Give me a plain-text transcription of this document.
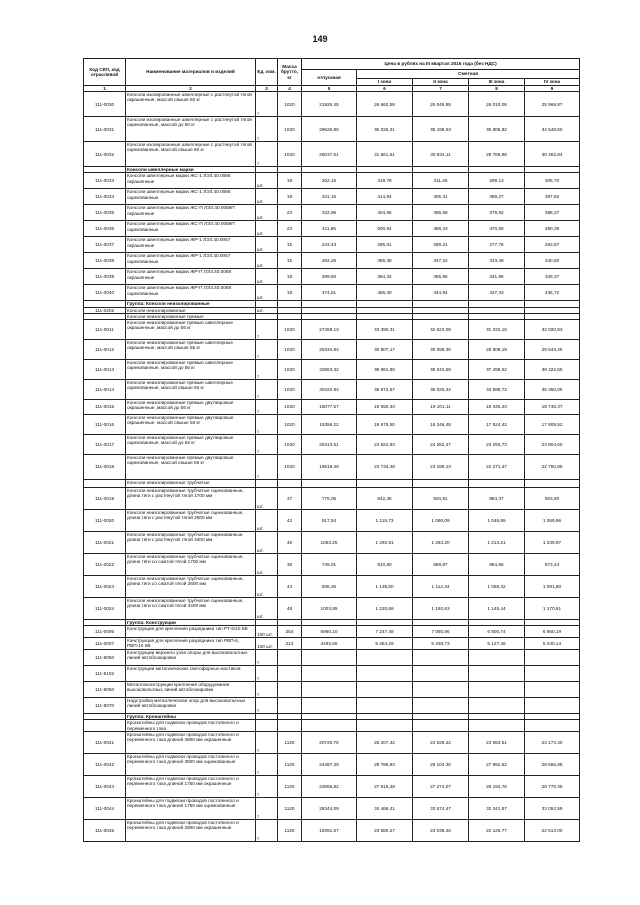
149
Код СКП, код отраслевой	Наименование материалов и изделий	Ед. изм.	Масса брутто, кг	Цена в рублях на III квартал 2016 года (без НДС)				
				отпускная	Сметная			
					I зона	II зона	III зона	IV зона
1	2	3	4	5	6	7	8	9
111-0030	Консоли изолированные швеллерные с растянутой тягой окрашенные, массой свыше 60 кг	т	1020	21926.45	26 662,58	26 049,95	26 010,08	25 969,87
111-0031	Консоли изолированные швеллерные с растянутой тягой оцинкованные, массой до 60 кг	т	1020	29626,90	36 026,31	35 198,53	35 805,82	34 548,50
111-0032	Консоли изолированные швеллерные с растянутой тягой оцинкованные, массой свыше 60 кг	т	1020	26037.51	31 661,61	30 934,11	29 768,98	30 362,84
	Консоли швеллерные марки							
111-0033	Консоли швеллерные марки ЖС-1 ЛЭ3.40.0066 окрашенные	шт.	19	262.15	318.78	311,46	299,13	305,70
111-0034	Консоли швеллерные марки ЖС-1 ЛЭ3.40.0066 оцинкованные	шт.	19	341,15	414,84	405,31	389,27	397,82
111-0035	Консоли швеллерные марки ЖС-П ЛЭ3.40.0066П окрашенные	шт.	23	332,96	404,86	395,58	379,92	388,27
111-0036	Консоли швеллерные марки ЖС-П ЛЭ3.40.0066П оцинкованные	шт.	23	411,96	500,94	489,43	470,06	480,39
111-0037	Консоли швеллерные марки ЖР-1 ЛЭ3.40.0067 окрашенные	шт.	15	243.43	296.01	289,21	277,76	283,87
111-0038	Консоли швеллерные марки ЖР-1 ЛЭ3.40.0067 оцинкованные	шт.	15	292,25	355,38	347,22	333,48	340,80
111-0039	Консоли швеллерные марки ЖР-П ЛЭ3.40.0068 окрашенные	шт.	18	299,60	364,32	355,95	341,86	349,37
111-0040	Консоли швеллерные марки ЖР-П ЛЭ3.40.0068 оцинкованные	шт.	18	374,51	455,40	444,94	427,33	436,72
	Группа: Консоли неизолированные							
111-0202	Консоли неизолированные	шт.						
	Консоли неизолированные прямые							
111-0011	Консоли неизолированные прямые швеллерные окрашенные, массой до 56 кг	т	1020	27459.13	33 390,31	32 623,09	31 332,10	32 020,93
111-0012	Консоли неизолированные прямые швеллерные окрашенные, массой свыше 56 кг	т	1020	25334.84	30 807,17	30 099,30	28 908,19	29 543,45
111-0013	Консоли неизолированные прямые швеллерные оцинкованные, массой до 56 кг	т	1020	32863,32	39 961,80	39 043,59	37 498,52	38 322,55
111-0014	Консоли неизолированные прямые швеллерные оцинкованные, массой свыше 56 кг	т	1020	30322.84	36 872,57	36 025,34	34 599,72	35 360,05
111-0015	Консоли неизолированные прямые двутавровые окрашенные, массой до 56 кг	т	1020	16077.57	19 550,33	19 101,11	18 345,23	18 748,37
111-0016	Консоли неизолированные прямые двутавровые окрашенные, массой свыше 56 кг	т	1020	15356.22	18 675,50	18 246,48	17 524,42	17 909,52
111-0017	Консоли неизолированные прямые двутавровые оцинкованные, массой до 56 кг	т	1020	20413.51	24 822,83	24 252,47	23 292,73	23 804,60
111-0018	Консоли неизолированные прямые двутавровые оцинкованные, массой свыше 56 кг	т	1020	19518.49	23 734,48	23 189,13	22 271,47	22 760,89
	Консоли неизолированные трубчатые							
111-0019	Консоли неизолированные трубчатые оцинкованные, длина тяги с растянутой тягой 1700 мм	шт.	37	775,05	942,45	920,81	884,37	903,80
111-0020	Консоли неизолированные трубчатые оцинкованные, длина тяги с растянутой тягой 2600 мм	шт.	42	917,54	1 115,73	1 090,09	1 046,95	1 069,96
111-0021	Консоли неизолированные трубчатые оцинкованные, длина тяги с растянутой тягой 3400 мм	шт.	46	1063,25	1 292,91	1 263,20	1 213,21	1 239,87
111-0022	Консоли неизолированные трубчатые оцинкованные, длина тяги со сжатой тягой 1700 мм	шт.	38	749,01	910,80	889,87	854,66	873,44
111-0023	Консоли неизолированные трубчатые оцинкованные, длина тяги со сжатой тягой 2600 мм	шт.	44	936,26	1 138,50	1 112,34	1 068,32	1 091,80
111-0024	Консоли неизолированные трубчатые оцинкованные, длина тяги со сжатой тягой 3400 мм	шт.	48	1003,85	1 220,68	1 192,63	1 145,44	1 170,61
	Группа: Конструкции							
111-0006	Конструкция для крепления разрядника тип РТ-6/10 КВ	100 шт.	254	5960,10	7 247,48	7 080,96	6 800,74	6 950,19
111-0007	Конструкция для крепления разрядника тип РВП-6, РВП-10 КВ	100 шт.	213	4493,66	5 464,29	5 338,73	5 127,46	5 240,14
111-9050	Конструкции верхнего узла опоры для высоковольтных линий автоблокировки	т						
111-9102	Конструкции металлических светофорных мостиков	т						
111-9060	Металлоконструкции крепления оборудования высоковольтных линий автоблокировки	т						
111-9070	Надстройка металлическая опор для высоковольтных линий автоблокировки	т						
	Группа: Кронштейны							
	Кронштейны для подвески проводов постоянного и переменного тока							
111-0041	Кронштейны для подвески проводов постоянного и переменного тока длиной 3600 мм окрашенные	т	1120	20720,76	25 207,42	24 628,22	23 653,61	24 173,40
111-0042	Кронштейны для подвески проводов постоянного и переменного тока длиной 3600 мм оцинкованные	т	1120	24497,39	29 788,83	29 104,30	27 952,62	28 566,88
111-0043	Кронштейны для подвески проводов постоянного и переменного тока длиной 1750 мм окрашенные	т	1120	22556,82	27 915,49	27 274,07	26 194,76	26 770,39
111-0044	Кронштейны для подвески проводов постоянного и переменного тока длиной 1750 мм оцинкованные	т	1120	28344,09	34 466,41	33 674,47	32 341,87	33 052,59
111-0045	Кронштейны для подвески проводов постоянного и переменного тока длиной 2800 мм окрашенные	т	1120	19391,67	23 580,27	23 038,46	22 126,77	22 613,00
